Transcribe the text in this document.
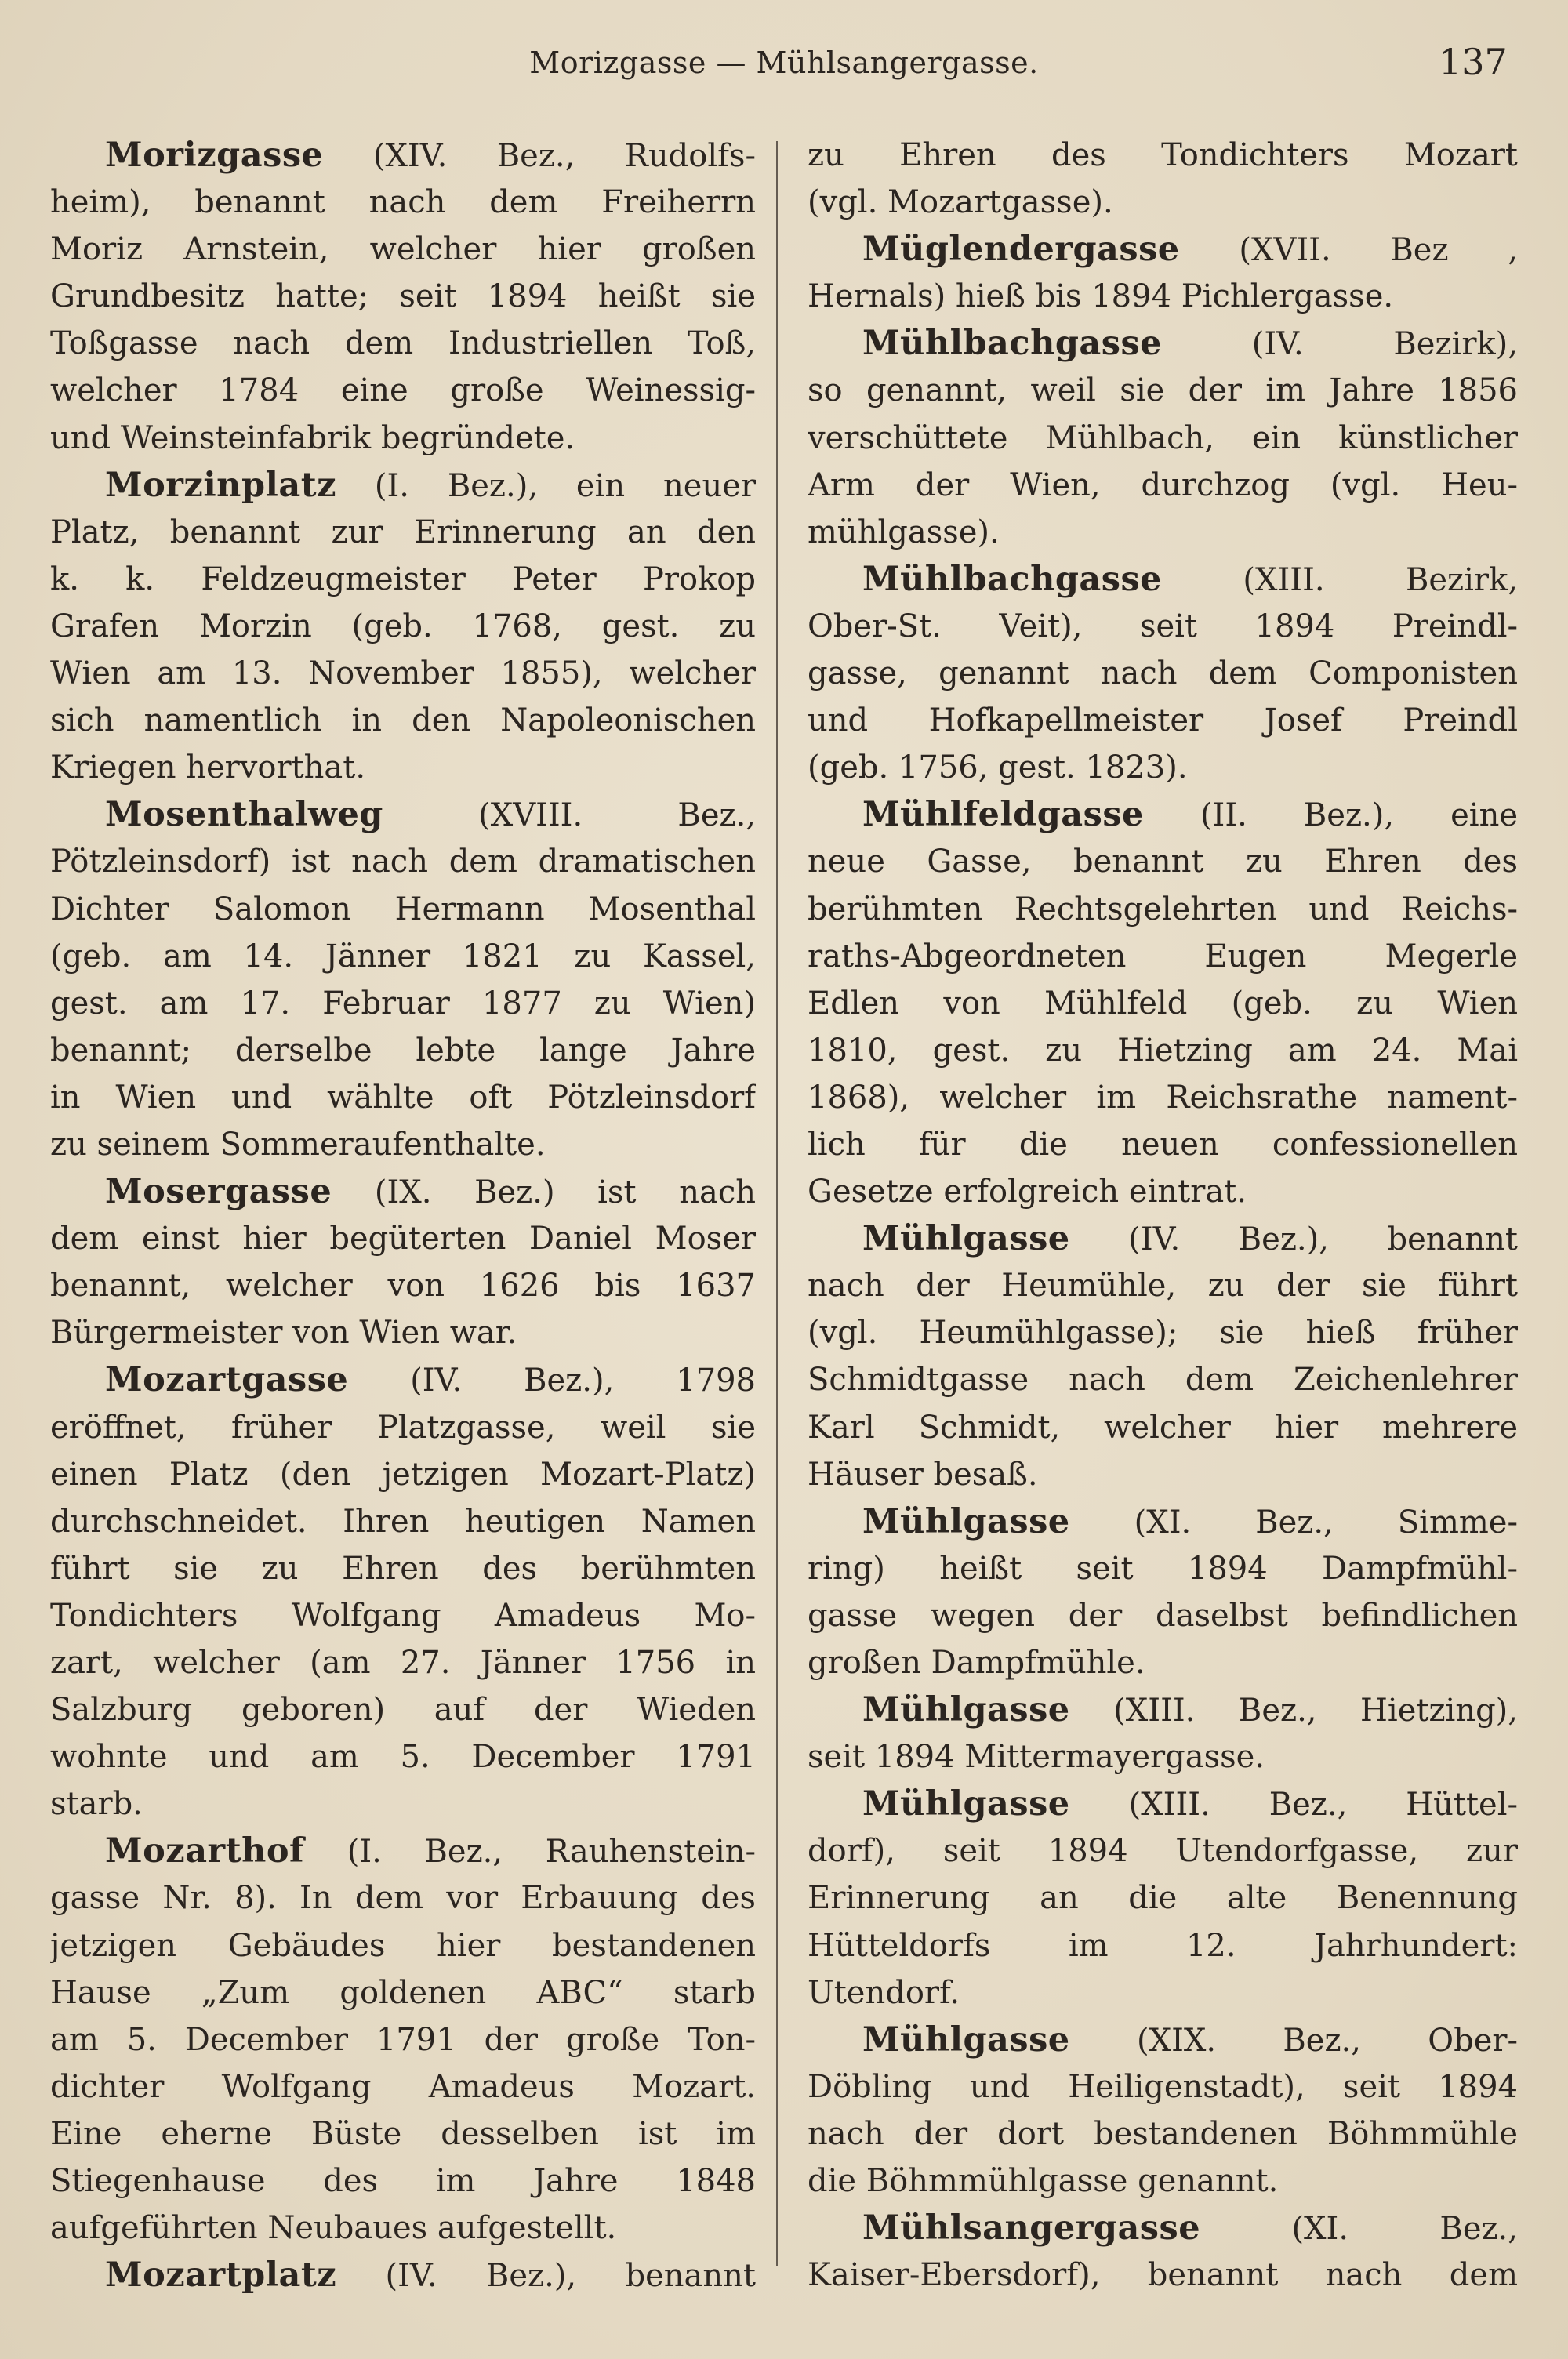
Morizgasse — Mühlsangergasse.	137
Morizgasse (XIV. Bez., Rudolfs-
heim), benannt nach dem Freiherrn
Moriz Arnstein, welcher hier großen
Grundbesitz hatte; seit 1894 heißt sie
Toßgasse nach dem Industriellen Toß,
welcher 1784 eine große Weinessig-
und Weinsteinfabrik begründete.
Morzinplatz (I. Bez.), ein neuer
Platz, benannt zur Erinnerung an den
k. k. Feldzeugmeister Peter Prokop
Grafen Morzin (geb. 1768, gest. zu
Wien am 13. November 1855), welcher
sich namentlich in den Napoleonischen
Kriegen hervorthat.
Mosenthalweg (XVIII. Bez.,
Pötzleinsdorf) ist nach dem dramatischen
Dichter Salomon Hermann Mosenthal
(geb. am 14. Jänner 1821 zu Kassel,
gest. am 17. Februar 1877 zu Wien)
benannt; derselbe lebte lange Jahre
in Wien und wählte oft Pötzleinsdorf
zu seinem Sommeraufenthalte.
Mosergasse (IX. Bez.) ist nach
dem einst hier begüterten Daniel Moser
benannt, welcher von 1626 bis 1637
Bürgermeister von Wien war.
Mozartgasse (IV. Bez.), 1798
eröffnet, früher Platzgasse, weil sie
einen Platz (den jetzigen Mozart-Platz)
durchschneidet. Ihren heutigen Namen
führt sie zu Ehren des berühmten
Tondichters Wolfgang Amadeus Mo-
zart, welcher (am 27. Jänner 1756 in
Salzburg geboren) auf der Wieden
wohnte und am 5. December 1791
starb.
Mozarthof (I. Bez., Rauhenstein-
gasse Nr. 8). In dem vor Erbauung des
jetzigen Gebäudes hier bestandenen
Hause „Zum goldenen ABC“ starb
am 5. December 1791 der große Ton-
dichter Wolfgang Amadeus Mozart.
Eine eherne Büste desselben ist im
Stiegenhause des im Jahre 1848
aufgeführten Neubaues aufgestellt.
Mozartplatz (IV. Bez.), benannt
zu Ehren des Tondichters Mozart
(vgl. Mozartgasse).
Müglendergasse (XVII. Bez ,
Hernals) hieß bis 1894 Pichlergasse.
Mühlbachgasse (IV. Bezirk),
so genannt, weil sie der im Jahre 1856
verschüttete Mühlbach, ein künstlicher
Arm der Wien, durchzog (vgl. Heu-
mühlgasse).
Mühlbachgasse (XIII. Bezirk,
Ober-St. Veit), seit 1894 Preindl-
gasse, genannt nach dem Componisten
und Hofkapellmeister Josef Preindl
(geb. 1756, gest. 1823).
Mühlfeldgasse (II. Bez.), eine
neue Gasse, benannt zu Ehren des
berühmten Rechtsgelehrten und Reichs-
raths-Abgeordneten Eugen Megerle
Edlen von Mühlfeld (geb. zu Wien
1810, gest. zu Hietzing am 24. Mai
1868), welcher im Reichsrathe nament-
lich für die neuen confessionellen
Gesetze erfolgreich eintrat.
Mühlgasse (IV. Bez.), benannt
nach der Heumühle, zu der sie führt
(vgl. Heumühlgasse); sie hieß früher
Schmidtgasse nach dem Zeichenlehrer
Karl Schmidt, welcher hier mehrere
Häuser besaß.
Mühlgasse (XI. Bez., Simme-
ring) heißt seit 1894 Dampfmühl-
gasse wegen der daselbst befindlichen
großen Dampfmühle.
Mühlgasse (XIII. Bez., Hietzing),
seit 1894 Mittermayergasse.
Mühlgasse (XIII. Bez., Hüttel-
dorf), seit 1894 Utendorfgasse, zur
Erinnerung an die alte Benennung
Hütteldorfs im 12. Jahrhundert:
Utendorf.
Mühlgasse (XIX. Bez., Ober-
Döbling und Heiligenstadt), seit 1894
nach der dort bestandenen Böhmmühle
die Böhmmühlgasse genannt.
Mühlsangergasse (XI. Bez.,
Kaiser-Ebersdorf), benannt nach dem
